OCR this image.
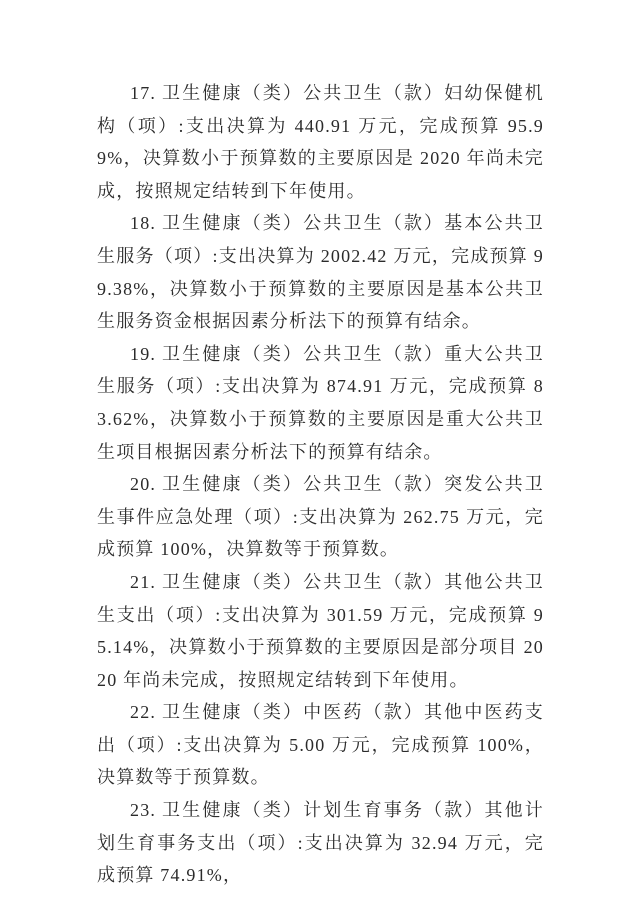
17. 卫生健康（类）公共卫生（款）妇幼保健机构（项）:支出决算为 440.91 万元，完成预算 95.99%，决算数小于预算数的主要原因是 2020 年尚未完成，按照规定结转到下年使用。

18. 卫生健康（类）公共卫生（款）基本公共卫生服务（项）:支出决算为 2002.42 万元，完成预算 99.38%，决算数小于预算数的主要原因是基本公共卫生服务资金根据因素分析法下的预算有结余。

19. 卫生健康（类）公共卫生（款）重大公共卫生服务（项）:支出决算为 874.91 万元，完成预算 83.62%，决算数小于预算数的主要原因是重大公共卫生项目根据因素分析法下的预算有结余。

20. 卫生健康（类）公共卫生（款）突发公共卫生事件应急处理（项）:支出决算为 262.75 万元，完成预算 100%，决算数等于预算数。

21. 卫生健康（类）公共卫生（款）其他公共卫生支出（项）:支出决算为 301.59 万元，完成预算 95.14%，决算数小于预算数的主要原因是部分项目 2020 年尚未完成，按照规定结转到下年使用。

22. 卫生健康（类）中医药（款）其他中医药支出（项）:支出决算为 5.00 万元，完成预算 100%，决算数等于预算数。

23. 卫生健康（类）计划生育事务（款）其他计划生育事务支出（项）:支出决算为 32.94 万元，完成预算 74.91%，
